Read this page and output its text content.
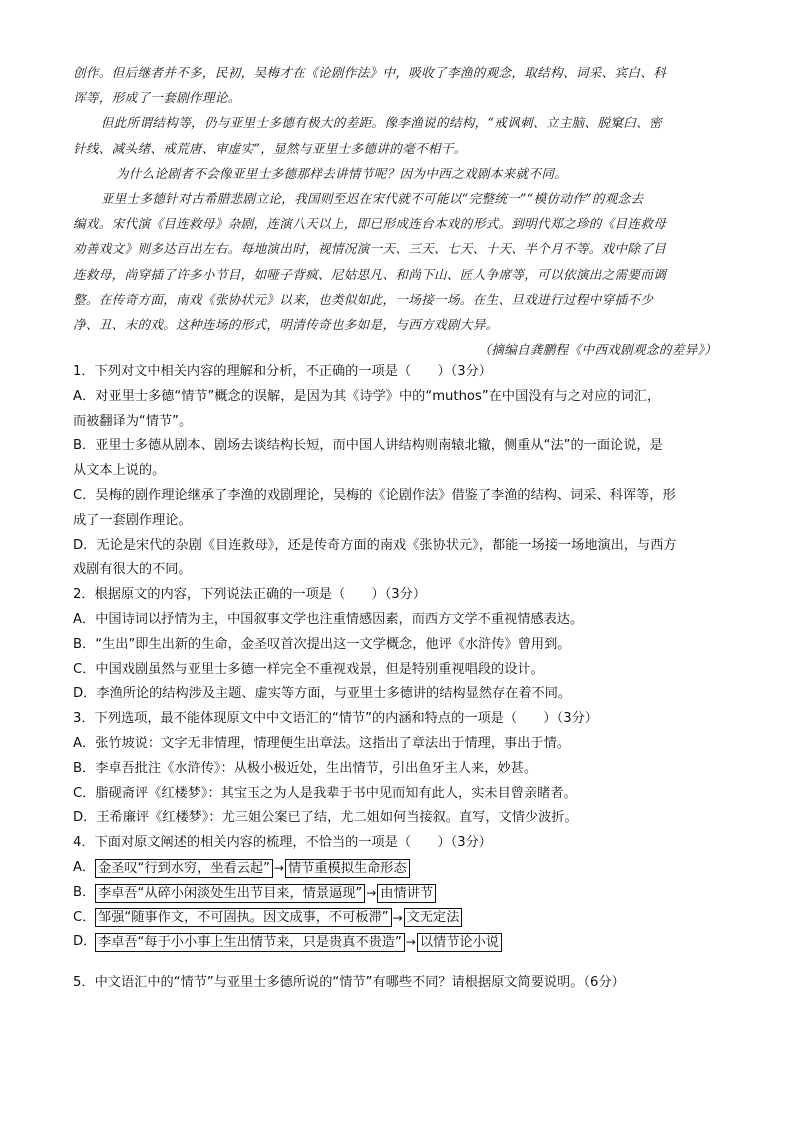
创作。但后继者并不多，民初，吴梅才在《论剧作法》中，吸收了李渔的观念，取结构、词采、宾白、科

诨等，形成了一套剧作理论。

但此所谓结构等，仍与亚里士多德有极大的差距。像李渔说的结构，“戒讽刺、立主脑、脱窠臼、密

针线、减头绪、戒荒唐、审虚实”，显然与亚里士多德讲的毫不相干。

为什么论剧者不会像亚里士多德那样去讲情节呢？因为中西之戏剧本来就不同。

亚里士多德针对古希腊悲剧立论，我国则至迟在宋代就不可能以“完整统一”“模仿动作”的观念去

编戏。宋代演《目连救母》杂剧，连演八天以上，即已形成连台本戏的形式。到明代郑之珍的《目连救母

劝善戏文》则多达百出左右。每地演出时，视情况演一天、三天、七天、十天、半个月不等。戏中除了目

连救母，尚穿插了许多小节目，如哑子背疯、尼姑思凡、和尚下山、匠人争席等，可以依演出之需要而调

整。在传奇方面，南戏《张协状元》以来，也类似如此，一场接一场。在生、旦戏进行过程中穿插不少

净、丑、末的戏。这种连场的形式，明清传奇也多如是，与西方戏剧大异。

（摘编自龚鹏程《中西戏剧观念的差异》）

1．下列对文中相关内容的理解和分析，不正确的一项是（　　）（3分）

A．对亚里士多德“情节”概念的误解，是因为其《诗学》中的“muthos”在中国没有与之对应的词汇，

而被翻译为“情节”。

B．亚里士多德从剧本、剧场去谈结构长短，而中国人讲结构则南辕北辙，侧重从“法”的一面论说，是

从文本上说的。

C．吴梅的剧作理论继承了李渔的戏剧理论，吴梅的《论剧作法》借鉴了李渔的结构、词采、科诨等，形

成了一套剧作理论。

D．无论是宋代的杂剧《目连救母》，还是传奇方面的南戏《张协状元》，都能一场接一场地演出，与西方

戏剧有很大的不同。

2．根据原文的内容，下列说法正确的一项是（　　）（3分）

A．中国诗词以抒情为主，中国叙事文学也注重情感因素，而西方文学不重视情感表达。

B．“生出”即生出新的生命，金圣叹首次提出这一文学概念，他评《水浒传》曾用到。

C．中国戏剧虽然与亚里士多德一样完全不重视戏景，但是特别重视唱段的设计。

D．李渔所论的结构涉及主题、虚实等方面，与亚里士多德讲的结构显然存在着不同。

3．下列选项，最不能体现原文中中文语汇的“情节”的内涵和特点的一项是（　　）（3分）

A．张竹坡说：文字无非情理，情理便生出章法。这指出了章法出于情理，事出于情。

B．李卓吾批注《水浒传》：从极小极近处，生出情节，引出鱼牙主人来，妙甚。

C．脂砚斋评《红楼梦》：其宝玉之为人是我辈于书中见而知有此人，实未目曾亲睹者。

D．王希廉评《红楼梦》：尤三姐公案已了结，尤二姐如何当接叙。直写，文情少波折。

4．下面对原文阐述的相关内容的梳理，不恰当的一项是（　　）（3分）

A． 金圣叹“行到水穷，坐看云起” → 情节重模拟生命形态
B． 李卓吾“从碎小闲淡处生出节目来，情景逼现” → 由情讲节
C． 邹强“随事作文，不可固执。因文成事，不可板滞” → 文无定法
D． 李卓吾“每于小小事上生出情节来，只是贵真不贵造” → 以情节论小说

5．中文语汇中的“情节”与亚里士多德所说的“情节”有哪些不同？请根据原文简要说明。（6分）
